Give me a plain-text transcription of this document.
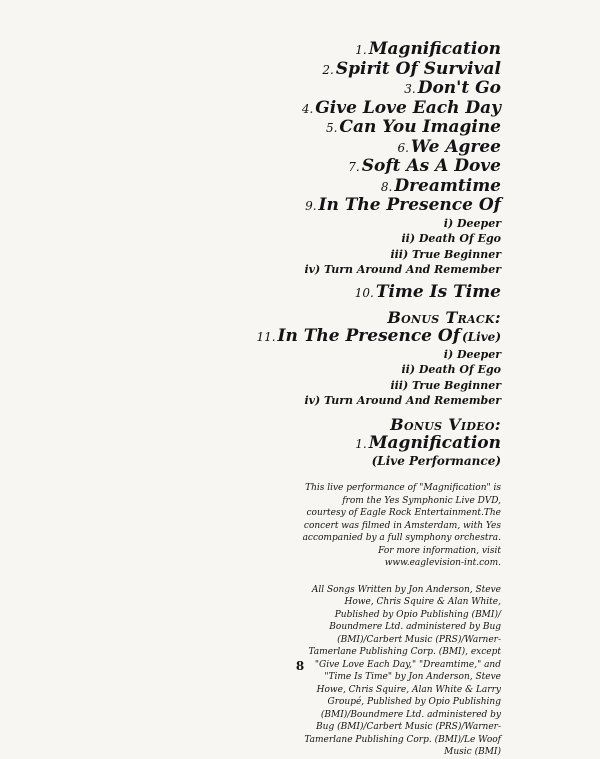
1. Magnification
2. Spirit Of Survival
3. Don't Go
4. Give Love Each Day
5. Can You Imagine
6. We Agree
7. Soft As A Dove
8. Dreamtime
9. In The Presence Of
i) Deeper
ii) Death Of Ego
iii) True Beginner
iv) Turn Around And Remember
10. Time Is Time
Bonus Track:
11. In The Presence Of (Live)
i) Deeper
ii) Death Of Ego
iii) True Beginner
iv) Turn Around And Remember
Bonus Video:
1. Magnification
(Live Performance)

This live performance of "Magnification" is from the Yes Symphonic Live DVD, courtesy of Eagle Rock Entertainment.The concert was filmed in Amsterdam, with Yes accompanied by a full symphony orchestra. For more information, visit www.eaglevision-int.com.

All Songs Written by Jon Anderson, Steve Howe, Chris Squire & Alan White, Published by Opio Publishing (BMI)/ Boundmere Ltd. administered by Bug (BMI)/Carbert Music (PRS)/Warner-Tamerlane Publishing Corp. (BMI), except "Give Love Each Day," "Dreamtime," and "Time Is Time" by Jon Anderson, Steve Howe, Chris Squire, Alan White & Larry Groupé, Published by Opio Publishing (BMI)/Boundmere Ltd. administered by Bug (BMI)/Carbert Music (PRS)/Warner-Tamerlane Publishing Corp. (BMI)/Le Woof Music (BMI)

8
